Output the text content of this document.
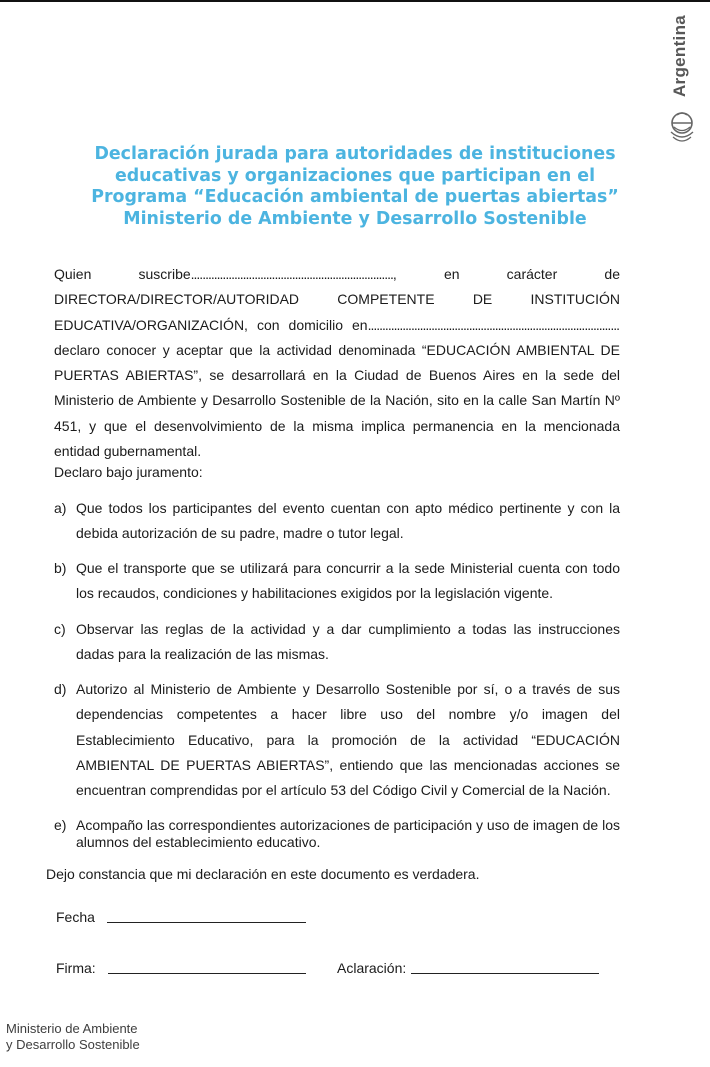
Argentina
Declaración jurada para autoridades de instituciones
educativas y organizaciones que participan en el
Programa “Educación ambiental de puertas abiertas”
Ministerio de Ambiente y Desarrollo Sostenible

Quien suscribe......................................................................, en carácter de DIRECTORA/DIRECTOR/AUTORIDAD COMPETENTE DE INSTITUCIÓN EDUCATIVA/ORGANIZACIÓN, con domicilio en....................................................................................... declaro conocer y aceptar que la actividad denominada “EDUCACIÓN AMBIENTAL DE PUERTAS ABIERTAS”, se desarrollará en la Ciudad de Buenos Aires en la sede del Ministerio de Ambiente y Desarrollo Sostenible de la Nación, sito en la calle San Martín Nº 451, y que el desenvolvimiento de la misma implica permanencia en la mencionada entidad gubernamental.

Declaro bajo juramento:
a) Que todos los participantes del evento cuentan con apto médico pertinente y con la debida autorización de su padre, madre o tutor legal.
b) Que el transporte que se utilizará para concurrir a la sede Ministerial cuenta con todo los recaudos, condiciones y habilitaciones exigidos por la legislación vigente.
c) Observar las reglas de la actividad y a dar cumplimiento a todas las instrucciones dadas para la realización de las mismas.
d) Autorizo al Ministerio de Ambiente y Desarrollo Sostenible por sí, o a través de sus dependencias competentes a hacer libre uso del nombre y/o imagen del Establecimiento Educativo, para la promoción de la actividad “EDUCACIÓN AMBIENTAL DE PUERTAS ABIERTAS”, entiendo que las mencionadas acciones se encuentran comprendidas por el artículo 53 del Código Civil y Comercial de la Nación.
e) Acompaño las correspondientes autorizaciones de participación y uso de imagen de los alumnos del establecimiento educativo.
Dejo constancia que mi declaración en este documento es verdadera.
Fecha
Firma:	Aclaración:
Ministerio de Ambiente
y Desarrollo Sostenible
